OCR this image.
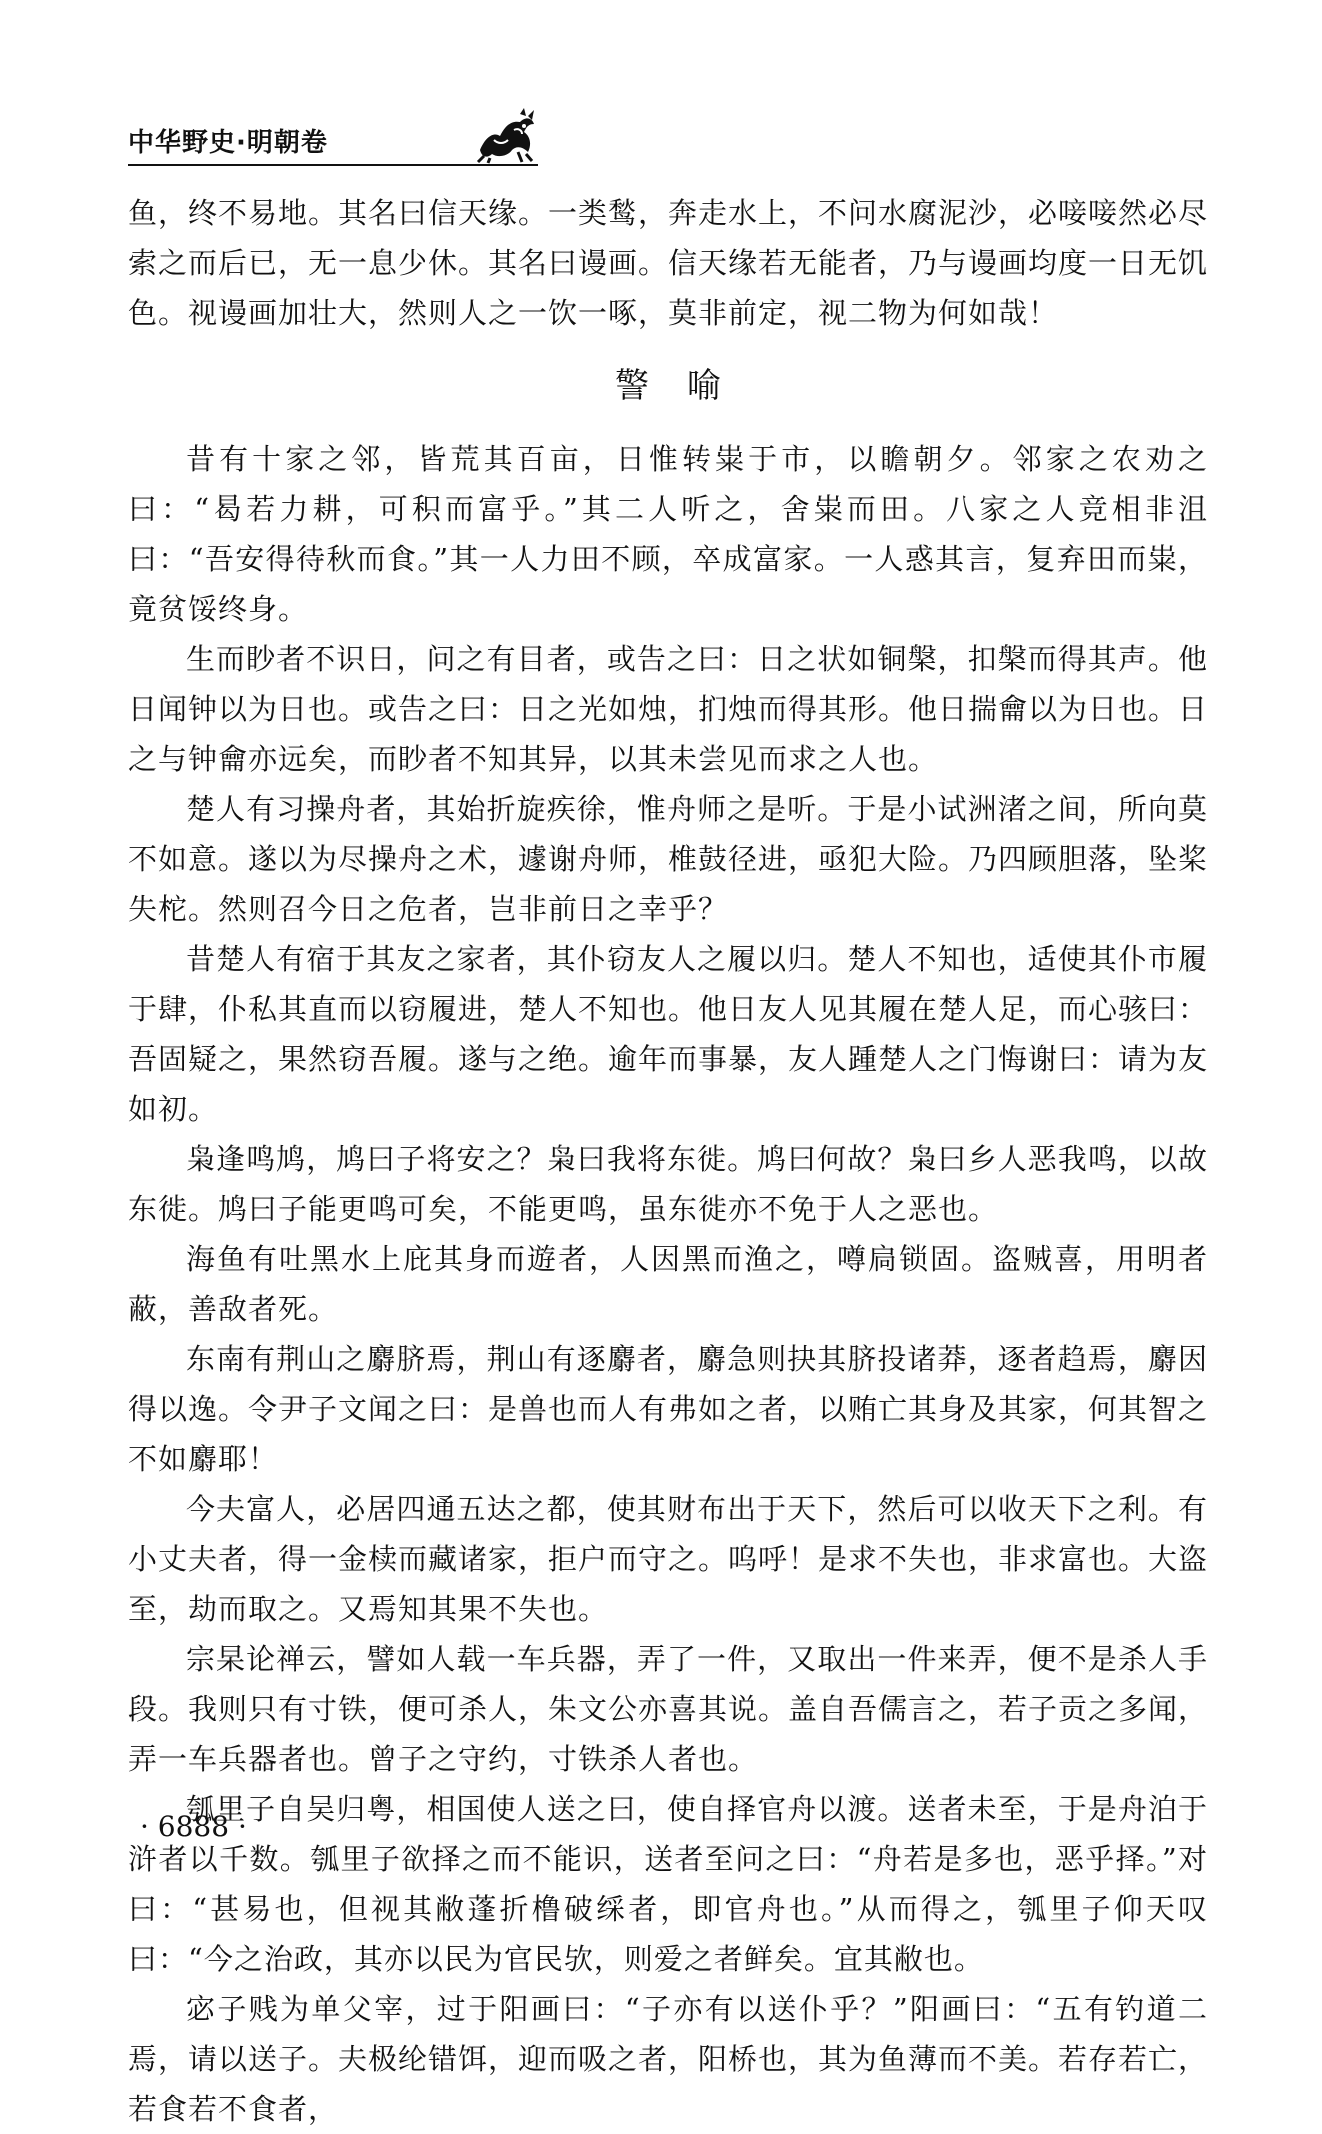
中华野史·明朝卷

鱼，终不易地。其名曰信天缘。一类鹙，奔走水上，不问水腐泥沙，必唼唼然必尽索之而后已，无一息少休。其名曰谩画。信天缘若无能者，乃与谩画均度一日无饥色。视谩画加壮大，然则人之一饮一啄，莫非前定，视二物为何如哉！

警喻

昔有十家之邻，皆荒其百亩，日惟转粜于市，以瞻朝夕。邻家之农劝之曰：“曷若力耕，可积而富乎。”其二人听之，舍粜而田。八家之人竞相非沮曰：“吾安得待秋而食。”其一人力田不顾，卒成富家。一人惑其言，复弃田而粜，竟贫馁终身。

生而眇者不识日，问之有目者，或告之曰：日之状如铜槃，扣槃而得其声。他日闻钟以为日也。或告之曰：日之光如烛，扪烛而得其形。他日揣龠以为日也。日之与钟龠亦远矣，而眇者不知其异，以其未尝见而求之人也。

楚人有习操舟者，其始折旋疾徐，惟舟师之是听。于是小试洲渚之间，所向莫不如意。遂以为尽操舟之术，遽谢舟师，椎鼓径进，亟犯大险。乃四顾胆落，坠桨失柁。然则召今日之危者，岂非前日之幸乎？

昔楚人有宿于其友之家者，其仆窃友人之履以归。楚人不知也，适使其仆市履于肆，仆私其直而以窃履进，楚人不知也。他日友人见其履在楚人足，而心骇曰：吾固疑之，果然窃吾履。遂与之绝。逾年而事暴，友人踵楚人之门悔谢曰：请为友如初。

枭逢鸣鸠，鸠曰子将安之？枭曰我将东徙。鸠曰何故？枭曰乡人恶我鸣，以故东徙。鸠曰子能更鸣可矣，不能更鸣，虽东徙亦不免于人之恶也。

海鱼有吐黑水上庇其身而遊者，人因黑而渔之，噂扃锁固。盗贼喜，用明者蔽，善敌者死。

东南有荆山之麝脐焉，荆山有逐麝者，麝急则抉其脐投诸莽，逐者趋焉，麝因得以逸。令尹子文闻之曰：是兽也而人有弗如之者，以贿亡其身及其家，何其智之不如麝耶！

今夫富人，必居四通五达之都，使其财布出于天下，然后可以收天下之利。有小丈夫者，得一金椟而藏诸家，拒户而守之。呜呼！是求不失也，非求富也。大盗至，劫而取之。又焉知其果不失也。

宗杲论禅云，譬如人载一车兵器，弄了一件，又取出一件来弄，便不是杀人手段。我则只有寸铁，便可杀人，朱文公亦喜其说。盖自吾儒言之，若子贡之多闻，弄一车兵器者也。曾子之守约，寸铁杀人者也。

瓠里子自吴归粤，相国使人送之曰，使自择官舟以渡。送者未至，于是舟泊于浒者以千数。瓠里子欲择之而不能识，送者至问之曰：“舟若是多也，恶乎择。”对曰：“甚易也，但视其敝蓬折橹破䌽者，即官舟也。”从而得之，瓠里子仰天叹曰：“今之治政，其亦以民为官民欤，则爱之者鲜矣。宜其敝也。

宓子贱为单父宰，过于阳画曰：“子亦有以送仆乎？”阳画曰：“五有钓道二焉，请以送子。夫极纶错饵，迎而吸之者，阳桥也，其为鱼薄而不美。若存若亡，若食若不食者，

· 6888 ·
